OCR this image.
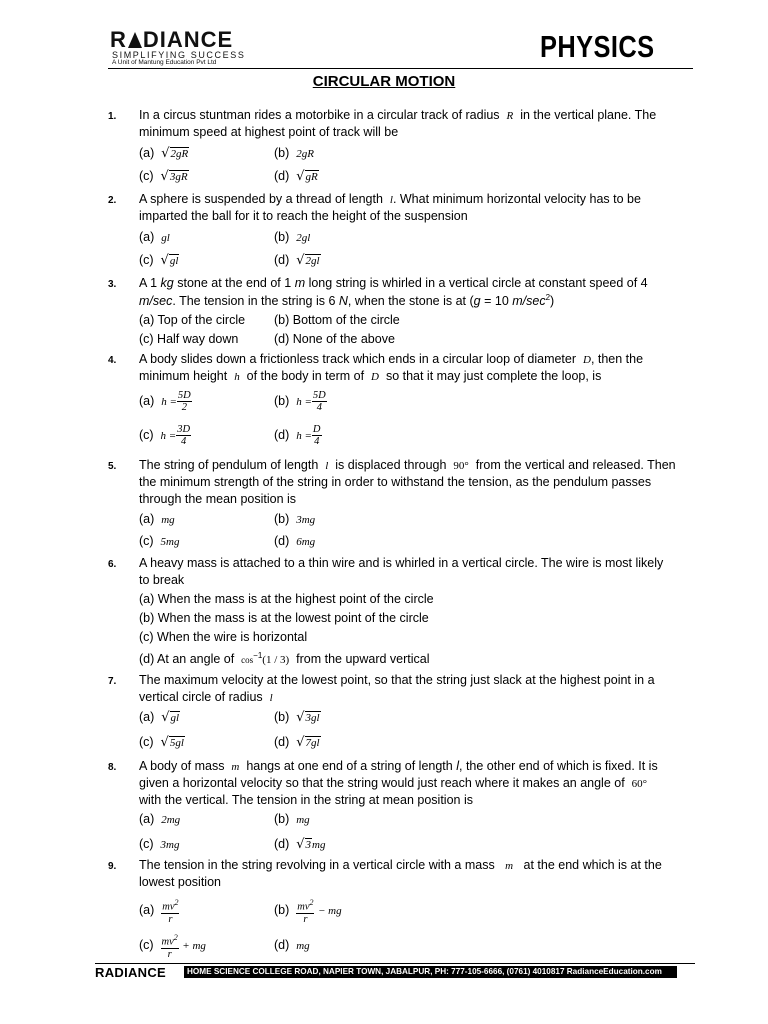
R DIANCE
SIMPLIFYING SUCCESS
A Unit of Mantung Education Pvt Ltd	PHYSICS
CIRCULAR MOTION
1. In a circus stuntman rides a motorbike in a circular track of radius R in the vertical plane. The
minimum speed at highest point of track will be
(a) √2gR	(b) 2gR
(c) √3gR	(d) √gR
2. A sphere is suspended by a thread of length l. What minimum horizontal velocity has to be
imparted the ball for it to reach the height of the suspension
(a) gl	(b) 2gl
(c) √gl	(d) √2gl
3. A 1 kg stone at the end of 1 m long string is whirled in a vertical circle at constant speed of 4
m/sec. The tension in the string is 6 N, when the stone is at (g = 10 $m/\sec^2$)
(a) Top of the circle (b) Bottom of the circle
(c) Half way down	(d) None of the above
4. A body slides down a frictionless track which ends in a circular loop of diameter D, then the
minimum height h of the body in term of D so that it may just complete the loop, is
(a) $h = \frac{5D}{2}$	(b) $h = \frac{5D}{4}$
(c) $h = \frac{3D}{4}$	(d) $h = \frac{D}{4}$
5. The string of pendulum of length l is displaced through 90° from the vertical and released. Then
the minimum strength of the string in order to withstand the tension, as the pendulum passes
through the mean position is
(a) mg	(b) 3mg
(c) 5mg	(d) 6mg
6. A heavy mass is attached to a thin wire and is whirled in a vertical circle. The wire is most likely
to break
(a) When the mass is at the highest point of the circle
(b) When the mass is at the lowest point of the circle
(c) When the wire is horizontal
(d) At an angle of $\cos^{-1}(1 / 3)$ from the upward vertical
7. The maximum velocity at the lowest point, so that the string just slack at the highest point in a
vertical circle of radius l
(a) √gl	(b) √3gl
(c) √5gl	(d) √7gl
8. A body of mass m hangs at one end of a string of length l, the other end of which is fixed. It is
given a horizontal velocity so that the string would just reach where it makes an angle of 60°
with the vertical. The tension in the string at mean position is
(a) 2mg	(b) mg
(c) 3mg	(d) √3mg
9. The tension in the string revolving in a vertical circle with a mass m at the end which is at the
lowest position
$(a) \frac{mv^2}{r}$	$(b) \frac{mv^2}{r}$ − mg
$(c) \frac{mv^2}{r}$ + mg	(d) mg
RADIANCE	HOME SCIENCE COLLEGE ROAD, NAPIER TOWN, JABALPUR, PH: 777-105-6666, (0761) 4010817 RadianceEducation.com
